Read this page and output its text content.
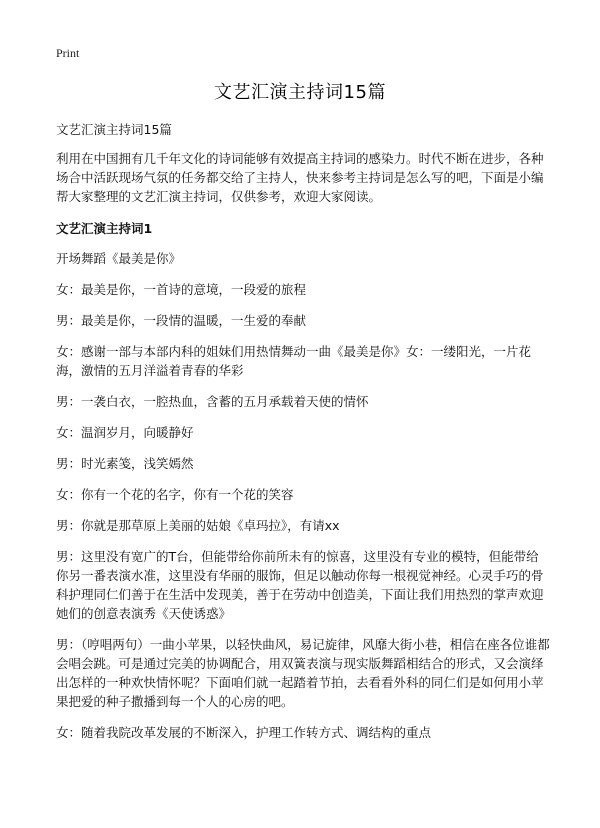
Print
文艺汇演主持词15篇

文艺汇演主持词15篇

利用在中国拥有几千年文化的诗词能够有效提高主持词的感染力。时代不断在进步，各种场合中活跃现场气氛的任务都交给了主持人，快来参考主持词是怎么写的吧，下面是小编帮大家整理的文艺汇演主持词，仅供参考，欢迎大家阅读。

文艺汇演主持词1

开场舞蹈《最美是你》

女：最美是你，一首诗的意境，一段爱的旅程

男：最美是你，一段情的温暖，一生爱的奉献

女：感谢一部与本部内科的姐妹们用热情舞动一曲《最美是你》女：一缕阳光，一片花海，激情的五月洋溢着青春的华彩

男：一袭白衣，一腔热血，含蓄的五月承载着天使的情怀

女：温润岁月，向暖静好

男：时光素笺，浅笑嫣然

女：你有一个花的名字，你有一个花的笑容

男：你就是那草原上美丽的姑娘《卓玛拉》，有请xx

男：这里没有宽广的T台，但能带给你前所未有的惊喜，这里没有专业的模特，但能带给你另一番表演水准，这里没有华丽的服饰，但足以触动你每一根视觉神经。心灵手巧的骨科护理同仁们善于在生活中发现美，善于在劳动中创造美，下面让我们用热烈的掌声欢迎她们的创意表演秀《天使诱惑》

男：（哼唱两句）一曲小苹果，以轻快曲风，易记旋律，风靡大街小巷，相信在座各位谁都会唱会跳。可是通过完美的协调配合，用双簧表演与现实版舞蹈相结合的形式，又会演绎出怎样的一种欢快情怀呢？下面咱们就一起踏着节拍，去看看外科的同仁们是如何用小苹果把爱的种子撒播到每一个人的心房的吧。

女：随着我院改革发展的不断深入，护理工作转方式、调结构的重点
